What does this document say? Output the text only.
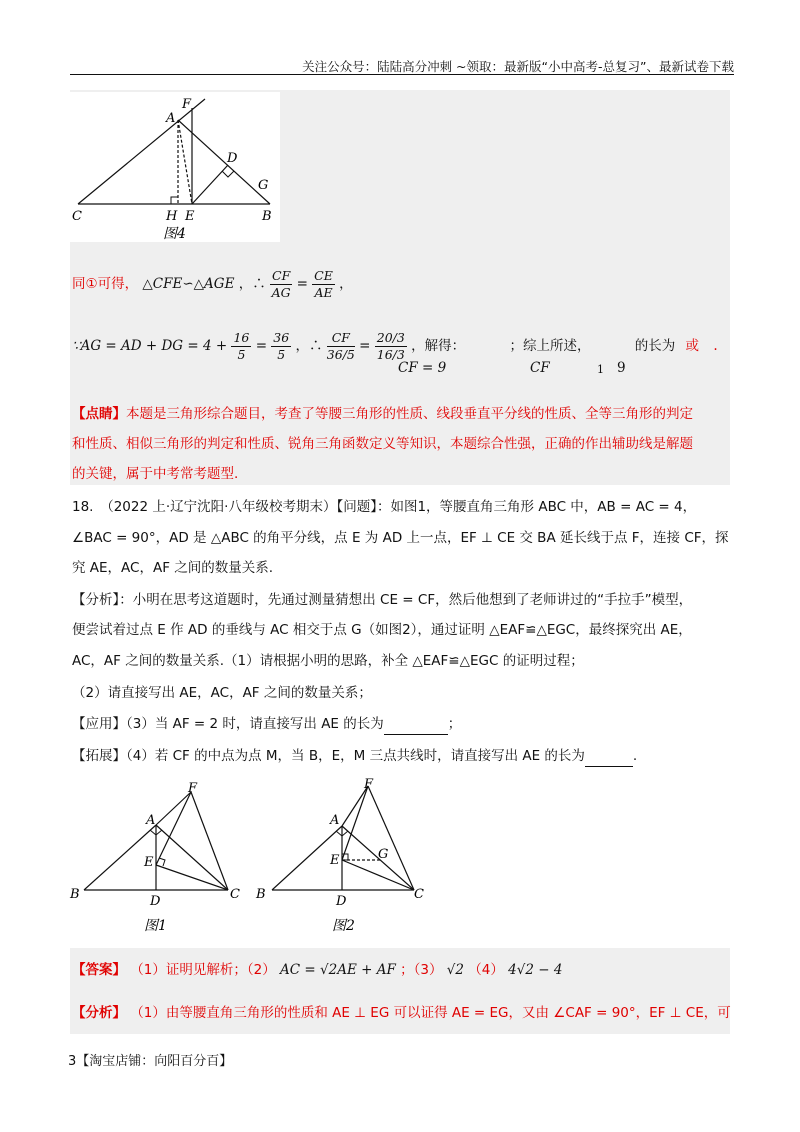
关注公众号：陆陆高分冲刺 ~领取：最新版“小中高考-总复习”、最新试卷下载
F
A
D
G
C	H E	B
图4
同①可得， △CFE∽△AGE ，∴ $\frac{CF}{AG} = \frac{CE}{AE}$ ，
∵AG = AD + DG = $4 + \frac{16}{5} = \frac{36}{5}$ ，∴ $\frac{CF}{36/5} = \frac{20/3}{16/3}$ ，解得：	；综上所述，	的长为 或 .
CF = 9	CF	1 9
【点睛】本题是三角形综合题目，考查了等腰三角形的性质、线段垂直平分线的性质、全等三角形的判定
和性质、相似三角形的判定和性质、锐角三角函数定义等知识，本题综合性强，正确的作出辅助线是解题
的关键，属于中考常考题型.
18.　（2022 上·辽宁沈阳·八年级校考期末）【问题】：如图1，等腰直角三角形 ABC 中，AB = AC = 4，
∠BAC = 90°，AD 是 △ABC 的角平分线，点 E 为 AD 上一点，EF ⊥ CE 交 BA 延长线于点 F，连接 CF，探
究 AE，AC，AF 之间的数量关系.
【分析】：小明在思考这道题时，先通过测量猜想出 CE = CF，然后他想到了老师讲过的“手拉手”模型，
便尝试着过点 E 作 AD 的垂线与 AC 相交于点 G（如图2），通过证明 △EAF≌△EGC，最终探究出 AE，
AC，AF 之间的数量关系.（1）请根据小明的思路，补全 △EAF≌△EGC 的证明过程；
（2）请直接写出 AE，AC，AF 之间的数量关系；
【应用】（3）当 AF = 2 时，请直接写出 AE 的长为	；
【拓展】（4）若 CF 的中点为点 M，当 B，E，M 三点共线时，请直接写出 AE 的长为	.
F
A
E
B	D	C
图1
F
A
E	G
B	D	C
图2
【答案】 （1）证明见解析；（2） AC = √2AE + AF ；（3） √2 （4） 4√2 − 4
【分析】 （1）由等腰直角三角形的性质和 AE ⊥ EG 可以证得 AE = EG，又由 ∠CAF = 90°，EF ⊥ CE，可
3【淘宝店铺：向阳百分百】
